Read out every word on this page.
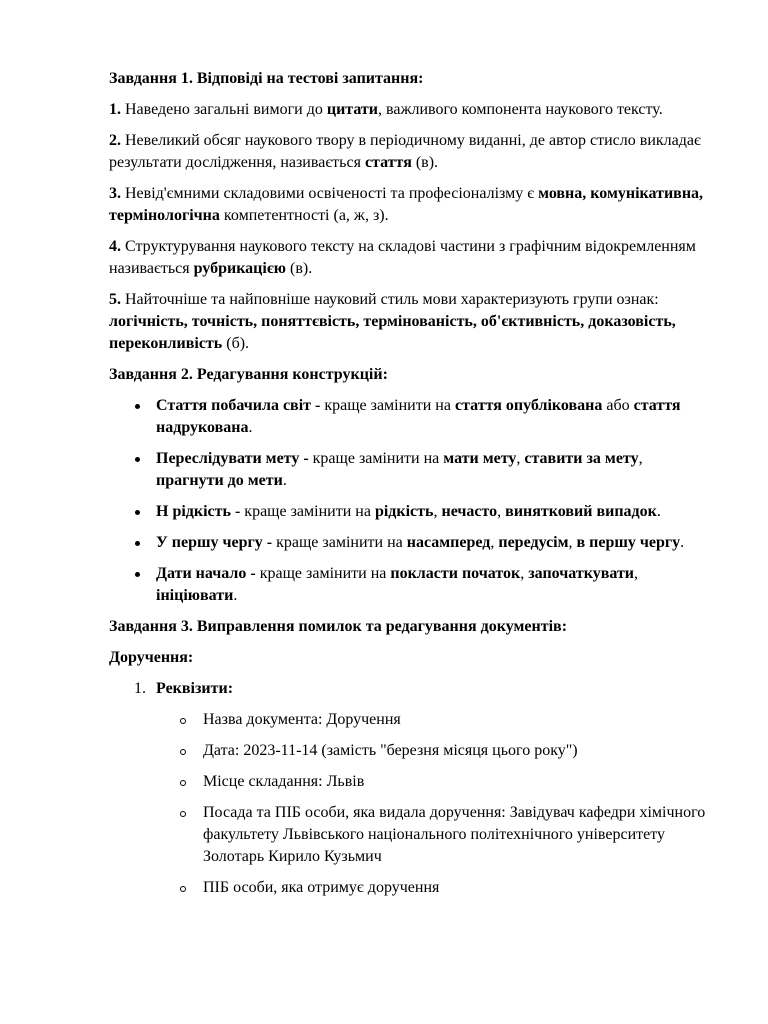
Завдання 1. Відповіді на тестові запитання:
1. Наведено загальні вимоги до цитати, важливого компонента наукового тексту.
2. Невеликий обсяг наукового твору в періодичному виданні, де автор стисло викладає результати дослідження, називається стаття (в).
3. Невід'ємними складовими освіченості та професіоналізму є мовна, комунікативна, термінологічна компетентності (а, ж, з).
4. Структурування наукового тексту на складові частини з графічним відокремленням називається рубрикацією (в).
5. Найточніше та найповніше науковий стиль мови характеризують групи ознак: логічність, точність, поняттєвість, термінованість, об'єктивність, доказовість, переконливість (б).
Завдання 2. Редагування конструкцій:
Стаття побачила світ - краще замінити на стаття опублікована або стаття надрукована.
Переслідувати мету - краще замінити на мати мету, ставити за мету, прагнути до мети.
Н рідкість - краще замінити на рідкість, нечасто, винятковий випадок.
У першу чергу - краще замінити на насамперед, передусім, в першу чергу.
Дати начало - краще замінити на покласти початок, започаткувати, ініціювати.
Завдання 3. Виправлення помилок та редагування документів:
Доручення:
1. Реквізити:
Назва документа: Доручення
Дата: 2023-11-14 (замість "березня місяця цього року")
Місце складання: Львів
Посада та ПІБ особи, яка видала доручення: Завідувач кафедри хімічного факультету Львівського національного політехнічного університету Золотарь Кирило Кузьмич
ПІБ особи, яка отримує доручення
